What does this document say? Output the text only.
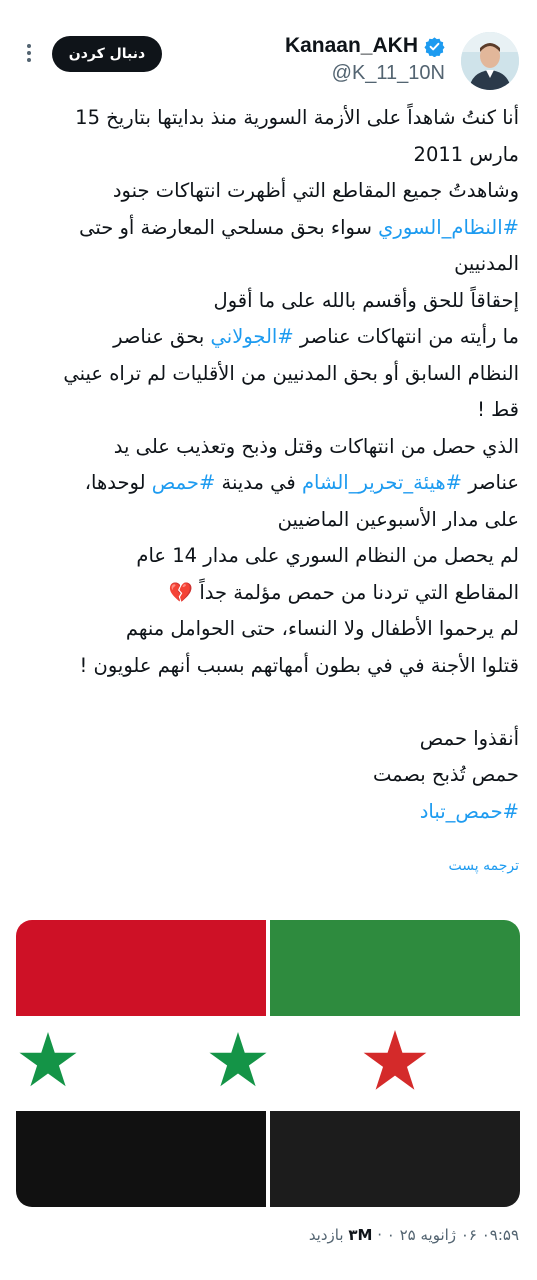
Kanaan_AKH
@K_11_10N
دنبال کردن

أنا كنتُ شاهداً على الأزمة السورية منذ بدايتها بتاريخ 15

مارس 2011

وشاهدتُ جميع المقاطع التي أظهرت انتهاكات جنود

#النظام_السوري سواء بحق مسلحي المعارضة أو حتى

المدنيين

إحقاقاً للحق وأقسم بالله على ما أقول

ما رأيته من انتهاكات عناصر #الجولاني بحق عناصر

النظام السابق أو بحق المدنيين من الأقليات لم تراه عيني

قط !

الذي حصل من انتهاكات وقتل وذبح وتعذيب على يد

عناصر #هيئة_تحرير_الشام في مدينة #حمص لوحدها،

على مدار الأسبوعين الماضيين

لم يحصل من النظام السوري على مدار 14 عام

المقاطع التي تردنا من حمص مؤلمة جداً 💔

لم يرحموا الأطفال ولا النساء، حتى الحوامل منهم

قتلوا الأجنة في في بطون أمهاتهم بسبب أنهم علويون !

أنقذوا حمص

حمص تُذبح بصمت

#حمص_تباد

ترجمه پست
۰۹:۵۹ ۰۶ ژانویه ۲۵ ۰ · ۳M بازدید
